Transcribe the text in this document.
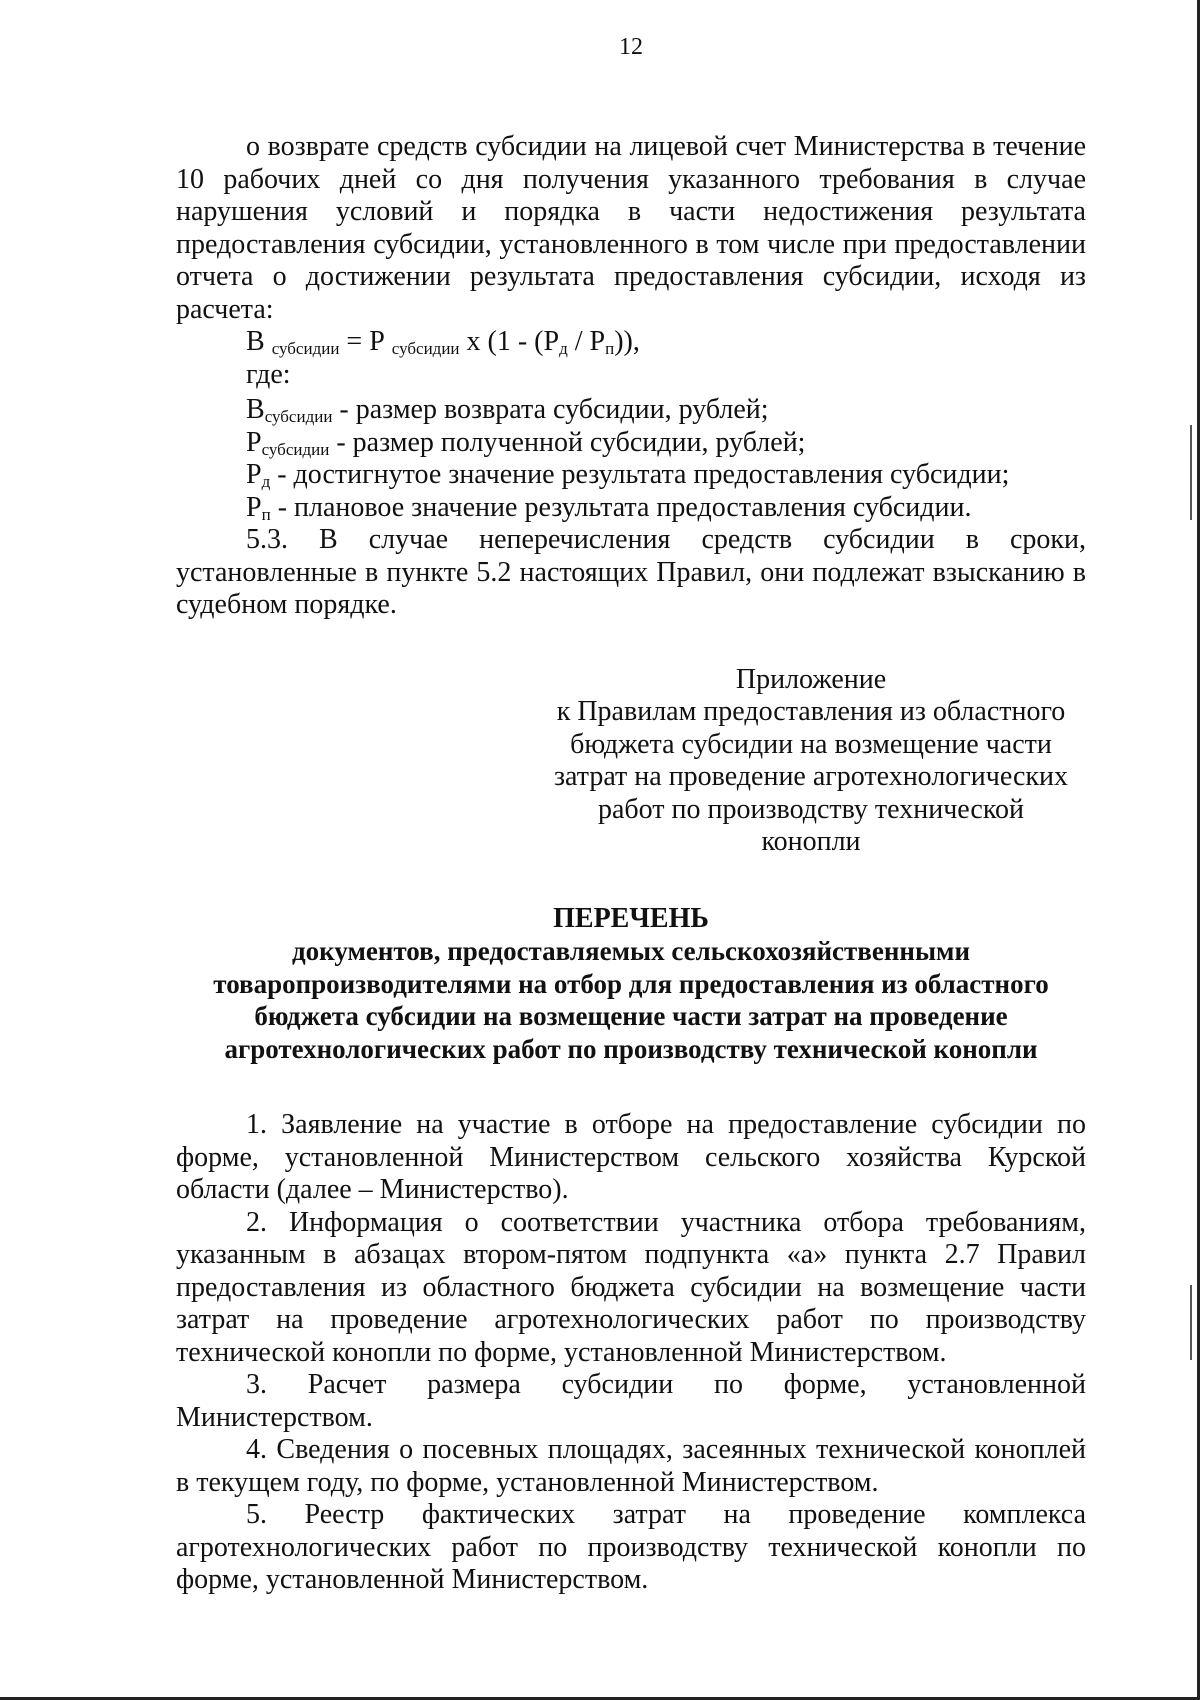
12

о возврате средств субсидии на лицевой счет Министерства в течение 10 рабочих дней со дня получения указанного требования в случае нарушения условий и порядка в части недостижения результата предоставления субсидии, установленного в том числе при предоставлении отчета о достижении результата предоставления субсидии, исходя из расчета:

В $_{субсидии}$ = Р $_{субсидии}$ х $(1 - (Р_д / Р_п))$,
где:
$В_{субсидии}$ - размер возврата субсидии, рублей;
$Р_{субсидии}$ - размер полученной субсидии, рублей;
$Р_д$ - достигнутое значение результата предоставления субсидии;
$Р_п$ - плановое значение результата предоставления субсидии.

5.3. В случае неперечисления средств субсидии в сроки, установленные в пункте 5.2 настоящих Правил, они подлежат взысканию в судебном порядке.

Приложение
к Правилам предоставления из областного
бюджета субсидии на возмещение части
затрат на проведение агротехнологических
работ по производству технической
конопли
ПЕРЕЧЕНЬ
документов, предоставляемых сельскохозяйственными
товаропроизводителями на отбор для предоставления из областного
бюджета субсидии на возмещение части затрат на проведение
агротехнологических работ по производству технической конопли

1. Заявление на участие в отборе на предоставление субсидии по форме, установленной Министерством сельского хозяйства Курской области (далее – Министерство).

2. Информация о соответствии участника отбора требованиям, указанным в абзацах втором-пятом подпункта «а» пункта 2.7 Правил предоставления из областного бюджета субсидии на возмещение части затрат на проведение агротехнологических работ по производству технической конопли по форме, установленной Министерством.

3. Расчет размера субсидии по форме, установленной Министерством.

4. Сведения о посевных площадях, засеянных технической коноплей в текущем году, по форме, установленной Министерством.

5. Реестр фактических затрат на проведение комплекса агротехнологических работ по производству технической конопли по форме, установленной Министерством.
